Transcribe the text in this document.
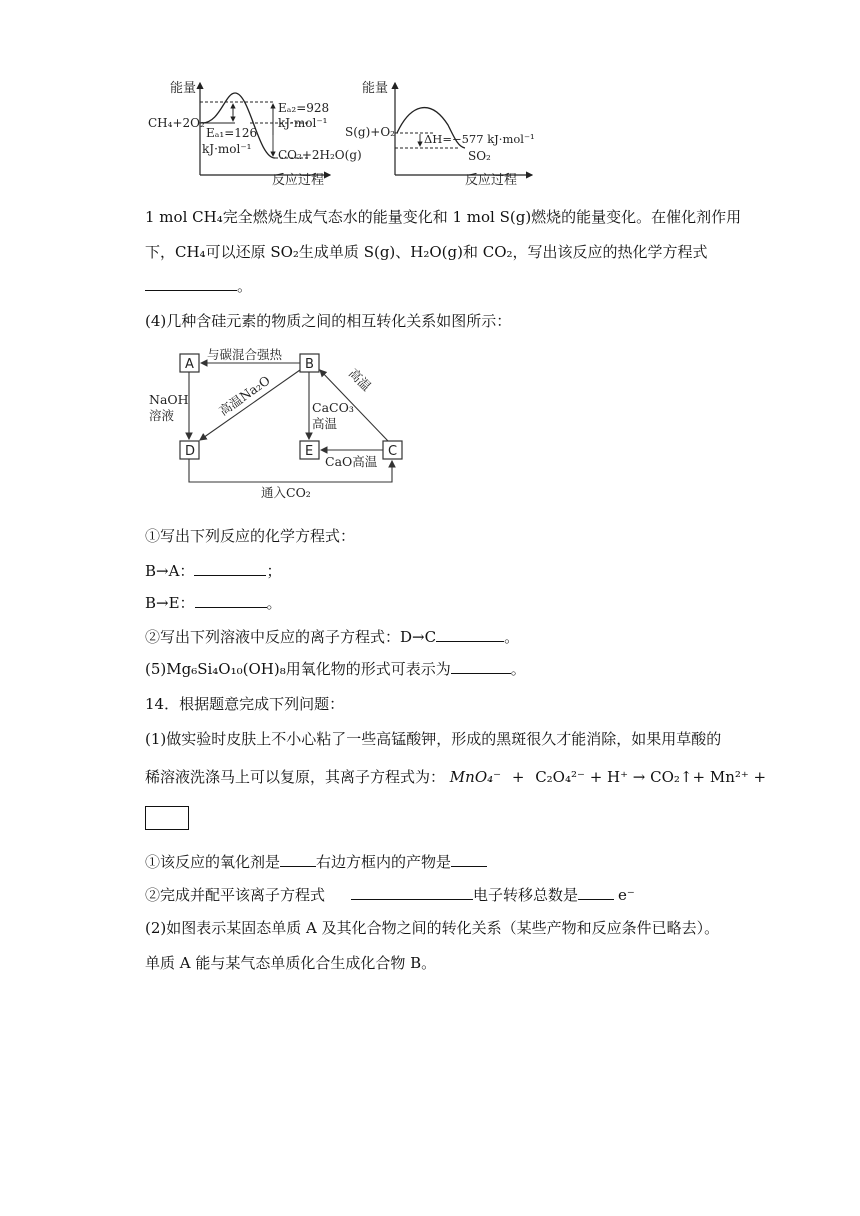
能量
反应过程
CH₄+2O₂
Eₐ₁=126
kJ·mol⁻¹
Eₐ₂=928
kJ·mol⁻¹
CO₂+2H₂O(g)
能量
反应过程
S(g)+O₂	ΔH=−577 kJ·mol⁻¹
SO₂
1 mol CH₄完全燃烧生成气态水的能量变化和 1 mol S(g)燃烧的能量变化。在催化剂作用
下，CH₄可以还原 SO₂生成单质 S(g)、H₂O(g)和 CO₂，写出该反应的热化学方程式
。
(4)几种含硅元素的物质之间的相互转化关系如图所示：
A	B
D	E	C
与碳混合强热
NaOH
溶液	高温Na₂O	CaCO₃
高温
高温
CaO高温
通入CO₂
①写出下列反应的化学方程式：
B→A：	；
B→E：	。
②写出下列溶液中反应的离子方程式：D→C	。
(5)Mg₆Si₄O₁₀(OH)₈用氧化物的形式可表示为	。
14．根据题意完成下列问题：
(1)做实验时皮肤上不小心粘了一些高锰酸钾，形成的黑斑很久才能消除，如果用草酸的
稀溶液洗涤马上可以复原，其离子方程式为： MnO₄⁻ + C₂O₄²⁻ + H⁺ → CO₂↑+ Mn²⁺ +
①该反应的氧化剂是 右边方框内的产物是
②完成并配平该离子方程式	电子转移总数是	e⁻
(2)如图表示某固态单质 A 及其化合物之间的转化关系（某些产物和反应条件已略去）。
单质 A 能与某气态单质化合生成化合物 B。
